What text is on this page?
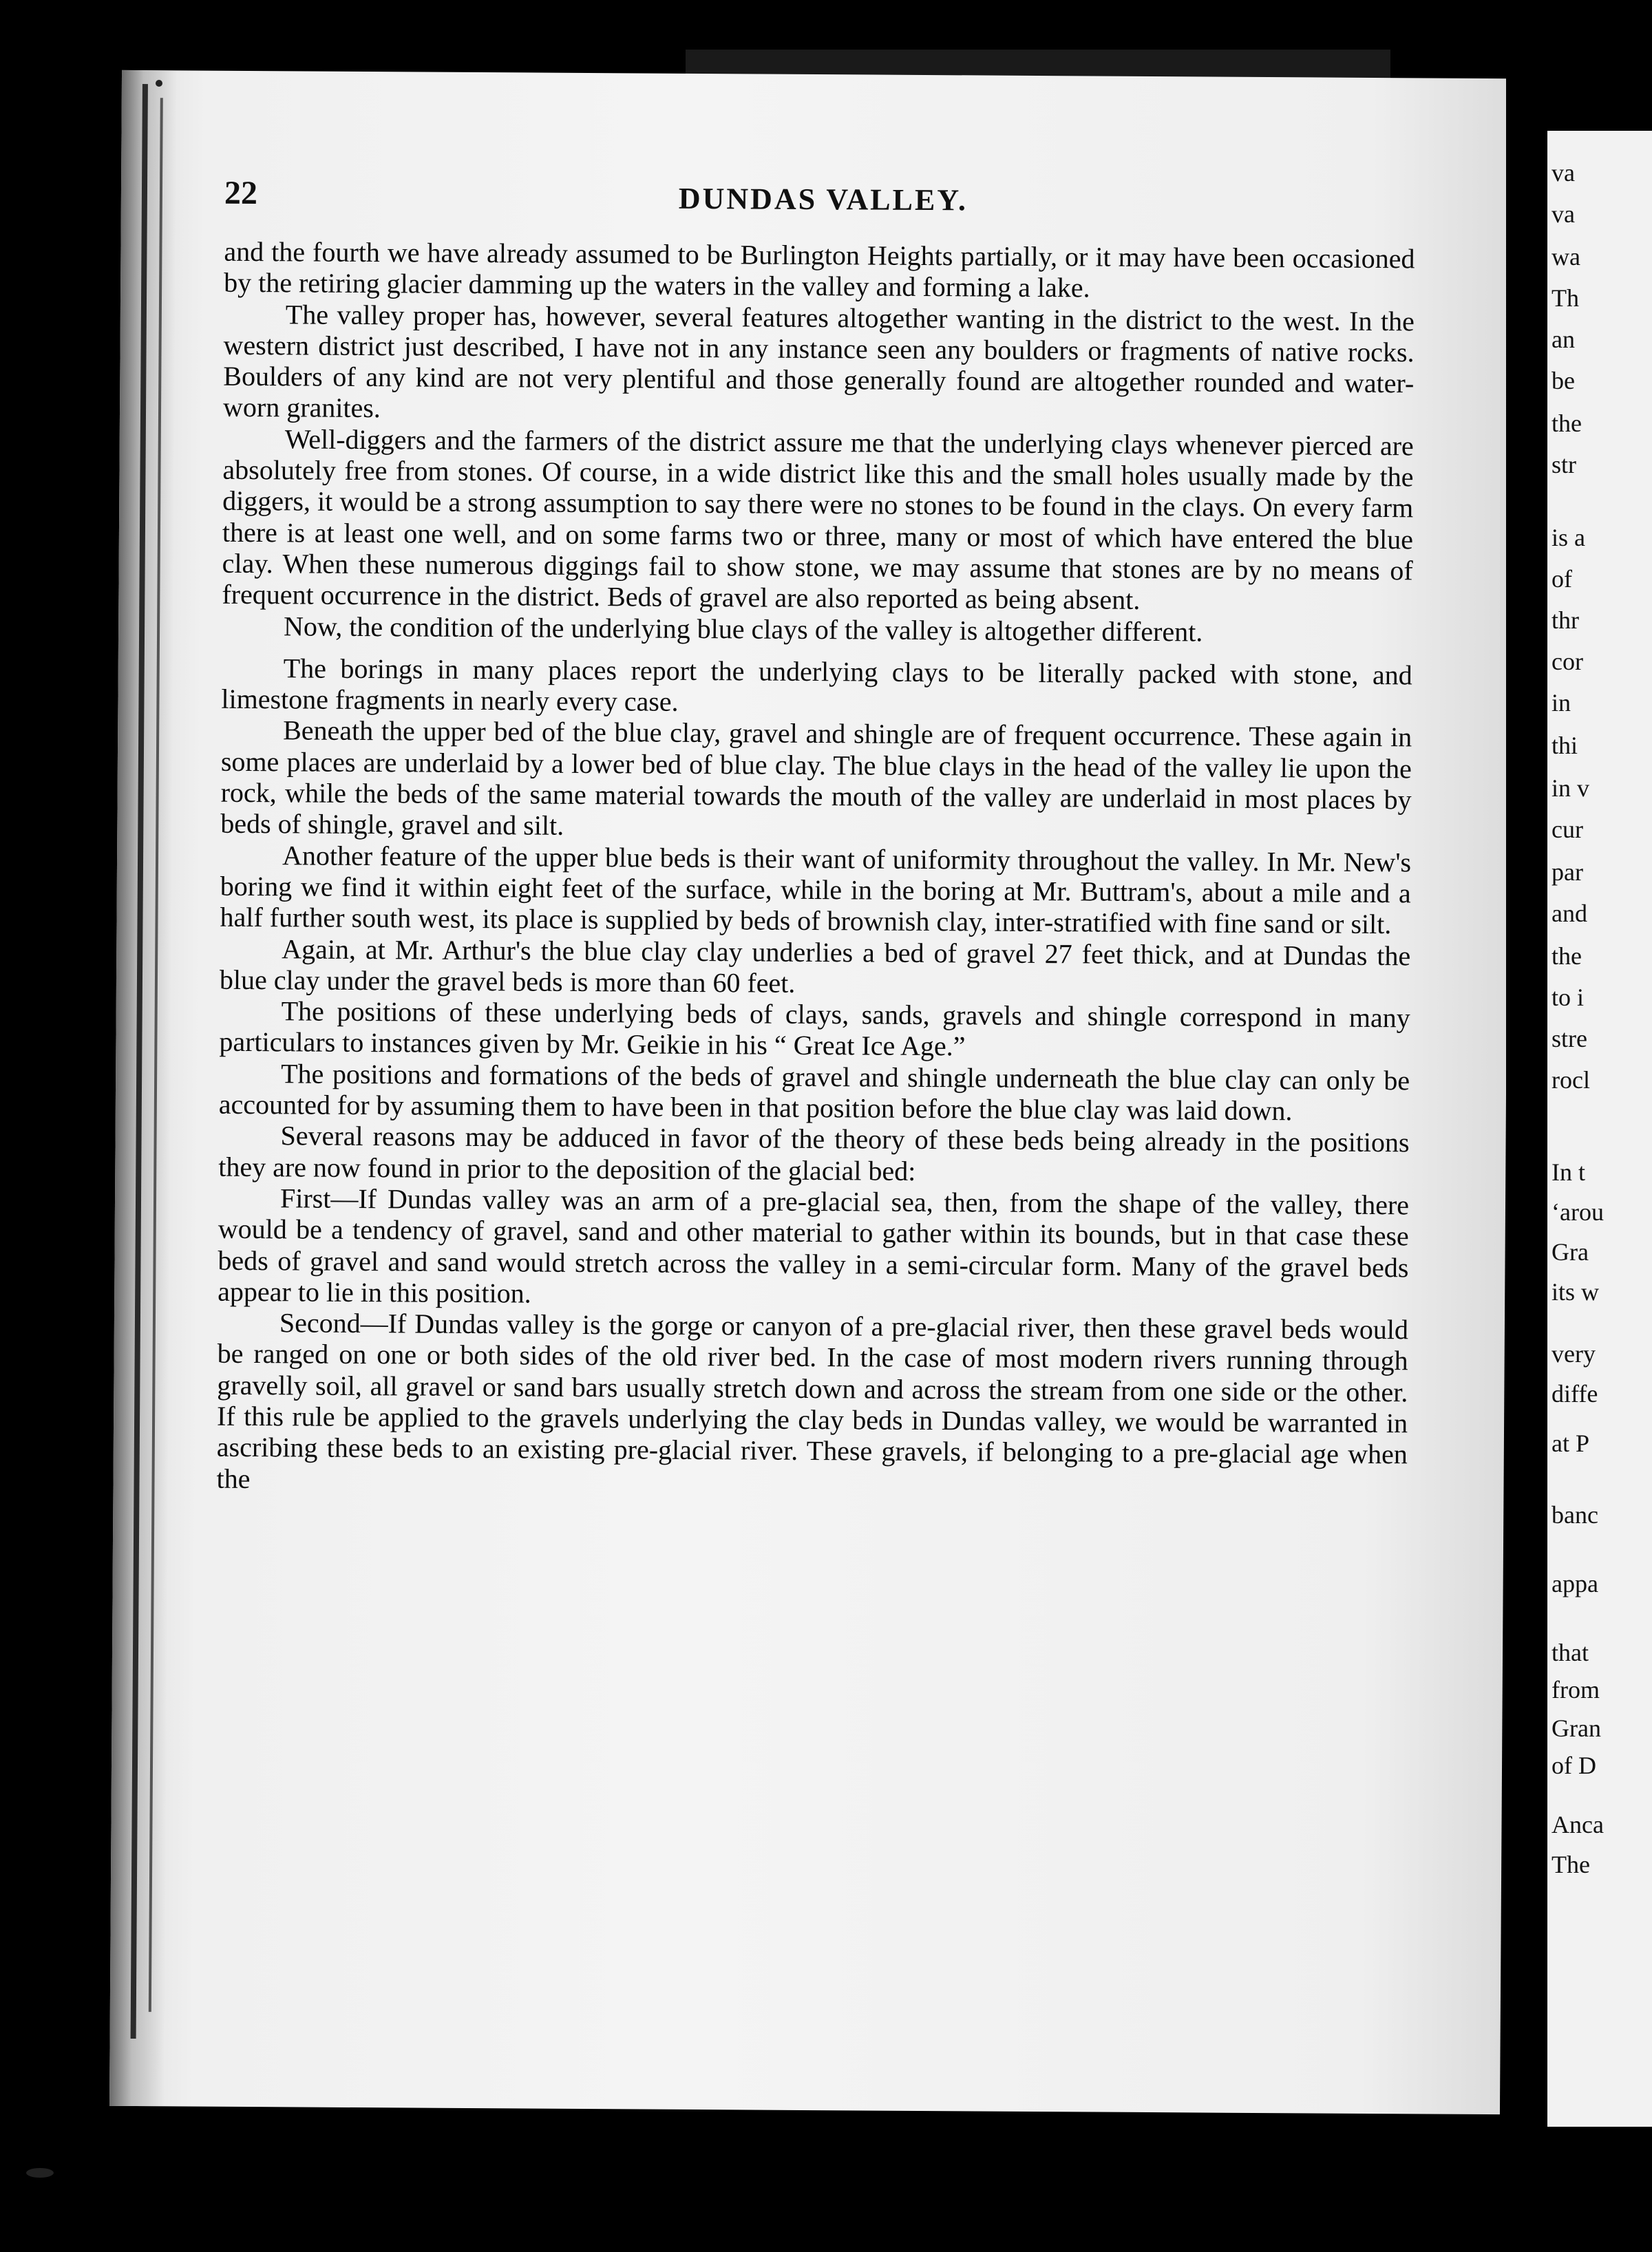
22	DUNDAS VALLEY.

and the fourth we have already assumed to be Burlington Heights partially, or it may have been occasioned by the retiring glacier damming up the waters in the valley and forming a lake.

The valley proper has, however, several features altogether wanting in the district to the west. In the western district just described, I have not in any instance seen any boulders or fragments of native rocks. Boulders of any kind are not very plentiful and those generally found are altogether rounded and water-worn granites.

Well-diggers and the farmers of the district assure me that the underlying clays whenever pierced are absolutely free from stones. Of course, in a wide district like this and the small holes usually made by the diggers, it would be a strong assumption to say there were no stones to be found in the clays. On every farm there is at least one well, and on some farms two or three, many or most of which have entered the blue clay. When these numerous diggings fail to show stone, we may assume that stones are by no means of frequent occurrence in the district. Beds of gravel are also reported as being absent.

Now, the condition of the underlying blue clays of the valley is altogether different.

The borings in many places report the underlying clays to be literally packed with stone, and limestone fragments in nearly every case.

Beneath the upper bed of the blue clay, gravel and shingle are of frequent occurrence. These again in some places are underlaid by a lower bed of blue clay. The blue clays in the head of the valley lie upon the rock, while the beds of the same material towards the mouth of the valley are underlaid in most places by beds of shingle, gravel and silt.

Another feature of the upper blue beds is their want of uniformity throughout the valley. In Mr. New's boring we find it within eight feet of the surface, while in the boring at Mr. Buttram's, about a mile and a half further south west, its place is supplied by beds of brownish clay, inter-stratified with fine sand or silt.

Again, at Mr. Arthur's the blue clay clay underlies a bed of gravel 27 feet thick, and at Dundas the blue clay under the gravel beds is more than 60 feet.

The positions of these underlying beds of clays, sands, gravels and shingle correspond in many particulars to instances given by Mr. Geikie in his “ Great Ice Age.”

The positions and formations of the beds of gravel and shingle underneath the blue clay can only be accounted for by assuming them to have been in that position before the blue clay was laid down.

Several reasons may be adduced in favor of the theory of these beds being already in the positions they are now found in prior to the deposition of the glacial bed:

First—If Dundas valley was an arm of a pre-glacial sea, then, from the shape of the valley, there would be a tendency of gravel, sand and other material to gather within its bounds, but in that case these beds of gravel and sand would stretch across the valley in a semi-circular form. Many of the gravel beds appear to lie in this position.

Second—If Dundas valley is the gorge or canyon of a pre-glacial river, then these gravel beds would be ranged on one or both sides of the old river bed. In the case of most modern rivers running through gravelly soil, all gravel or sand bars usually stretch down and across the stream from one side or the other. If this rule be applied to the gravels underlying the clay beds in Dundas valley, we would be warranted in ascribing these beds to an existing pre-glacial river. These gravels, if belonging to a pre-glacial age when the

va
va
wa
Th
an
be
the
str
is a
of
thr
cor
in
thi
in v
cur
par
and
the
to i
stre
rocl
In t
‘arou
Gra
its w
very
diffe
at P
banc
appa
that
from
Gran
of D
Anca
The
